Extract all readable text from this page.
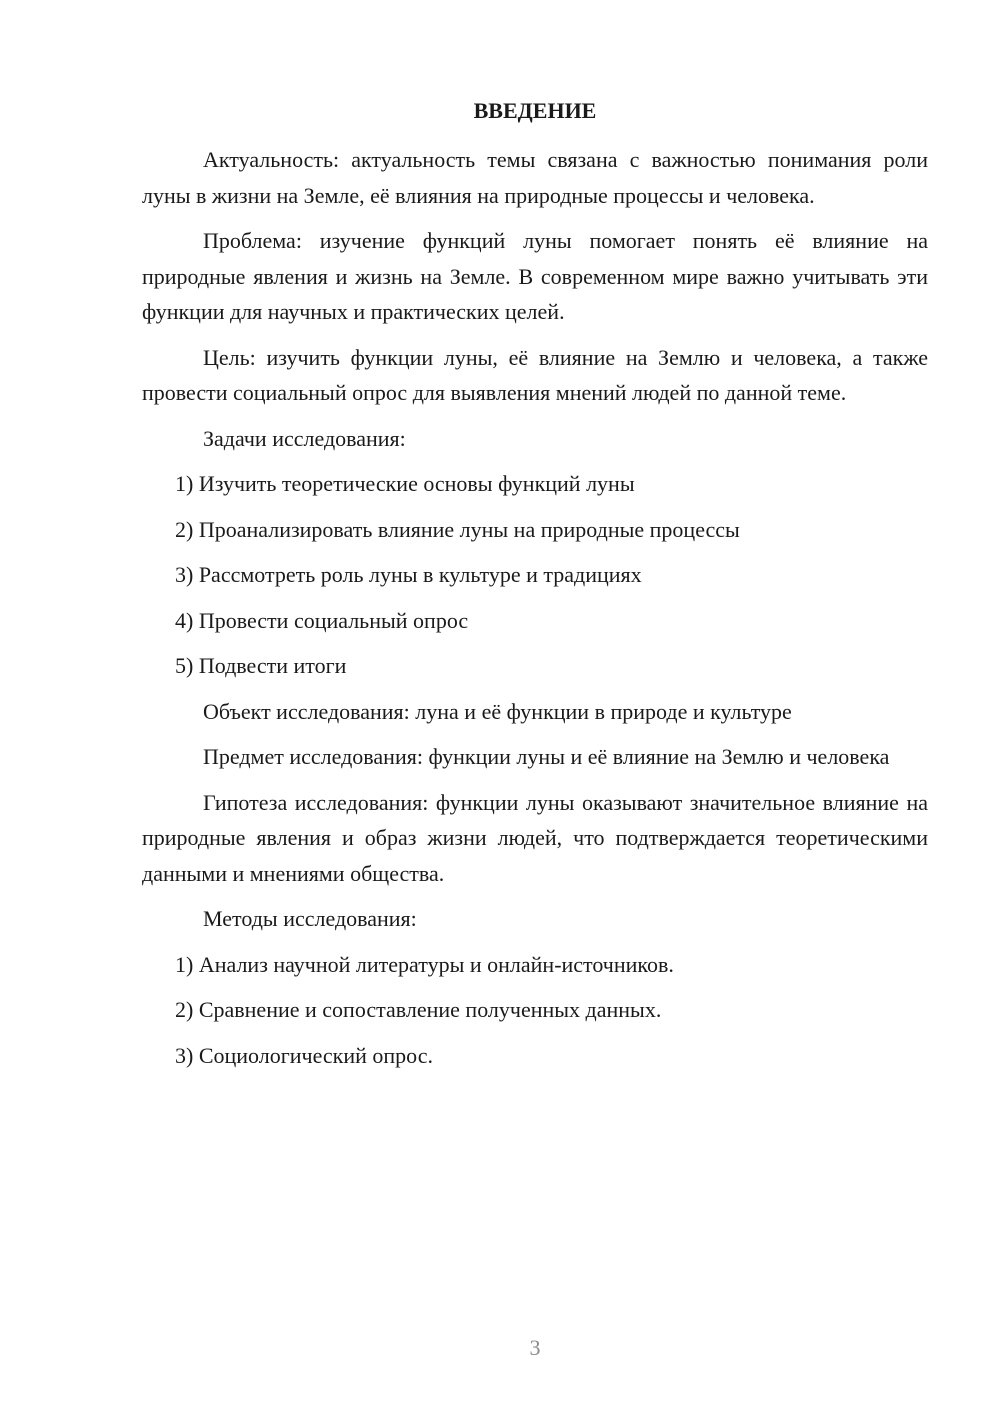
ВВЕДЕНИЕ

Актуальность: актуальность темы связана с важностью понимания роли луны в жизни на Земле, её влияния на природные процессы и человека.

Проблема: изучение функций луны помогает понять её влияние на природные явления и жизнь на Земле. В современном мире важно учитывать эти функции для научных и практических целей.

Цель: изучить функции луны, её влияние на Землю и человека, а также провести социальный опрос для выявления мнений людей по данной теме.

Задачи исследования:

1) Изучить теоретические основы функций луны

2) Проанализировать влияние луны на природные процессы

3) Рассмотреть роль луны в культуре и традициях

4) Провести социальный опрос

5) Подвести итоги

Объект исследования: луна и её функции в природе и культуре

Предмет исследования: функции луны и её влияние на Землю и человека

Гипотеза исследования: функции луны оказывают значительное влияние на природные явления и образ жизни людей, что подтверждается теоретическими данными и мнениями общества.

Методы исследования:

1) Анализ научной литературы и онлайн-источников.

2) Сравнение и сопоставление полученных данных.

3) Социологический опрос.

3
